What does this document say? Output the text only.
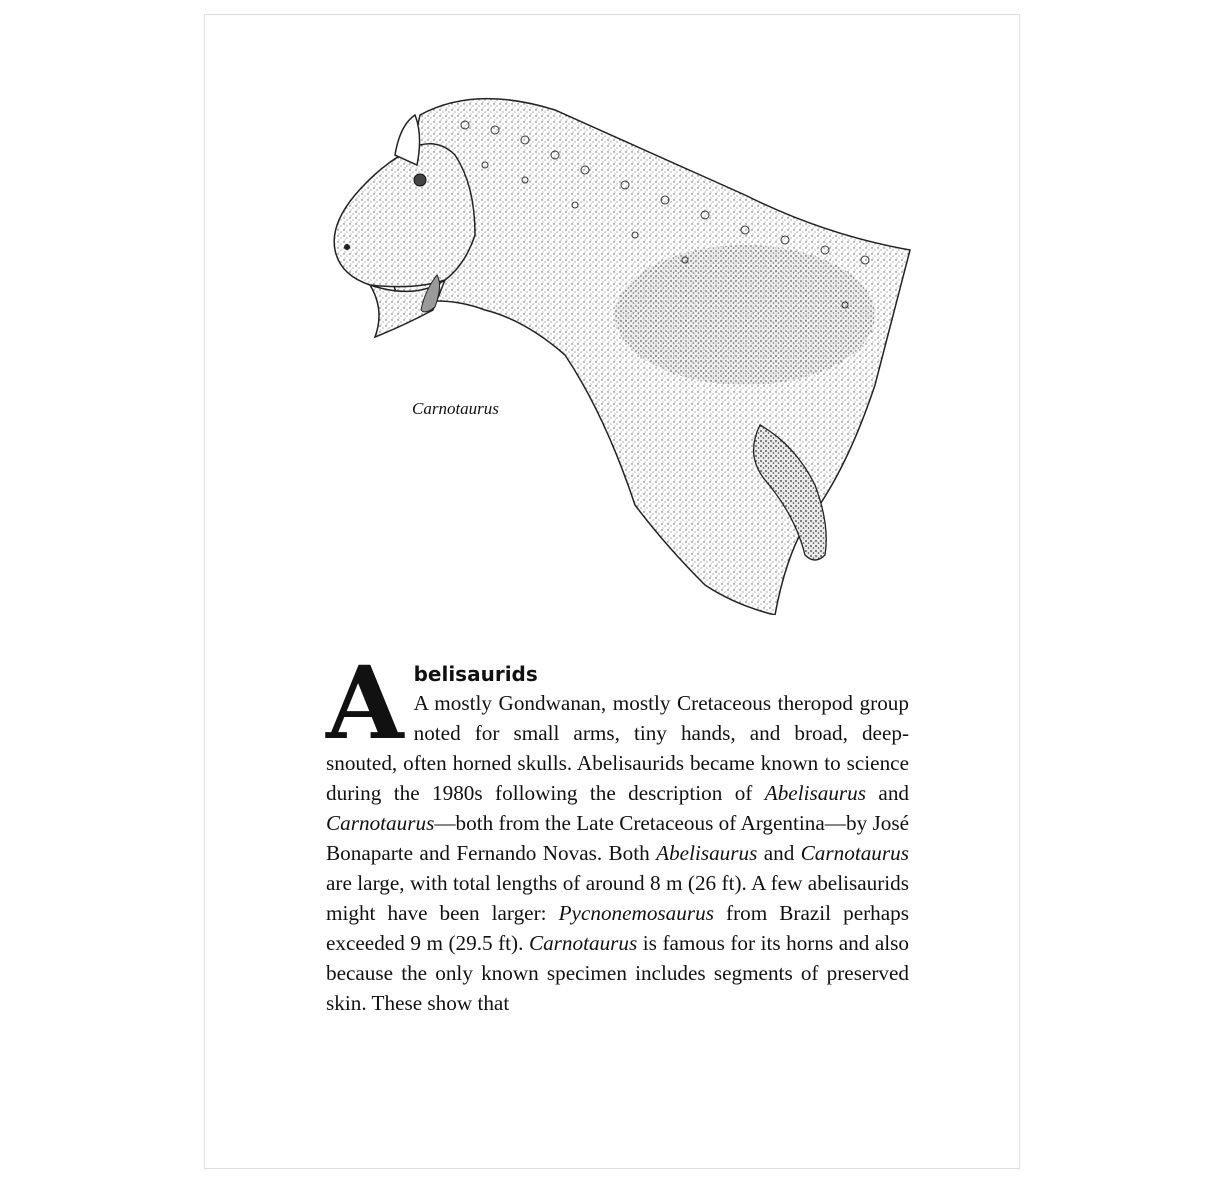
Carnotaurus
A belisaurids

A mostly Gondwanan, mostly Cretaceous theropod group noted for small arms, tiny hands, and broad, deep-snouted, often horned skulls. Abelisaurids became known to science during the 1980s following the description of Abelisaurus and Carnotaurus—both from the Late Cretaceous of Argentina—by José Bonaparte and Fernando Novas. Both Abelisaurus and Carnotaurus are large, with total lengths of around 8 m (26 ft). A few abelisaurids might have been larger: Pycnonemosaurus from Brazil perhaps exceeded 9 m (29.5 ft). Carnotaurus is famous for its horns and also because the only known specimen includes segments of preserved skin. These show that
